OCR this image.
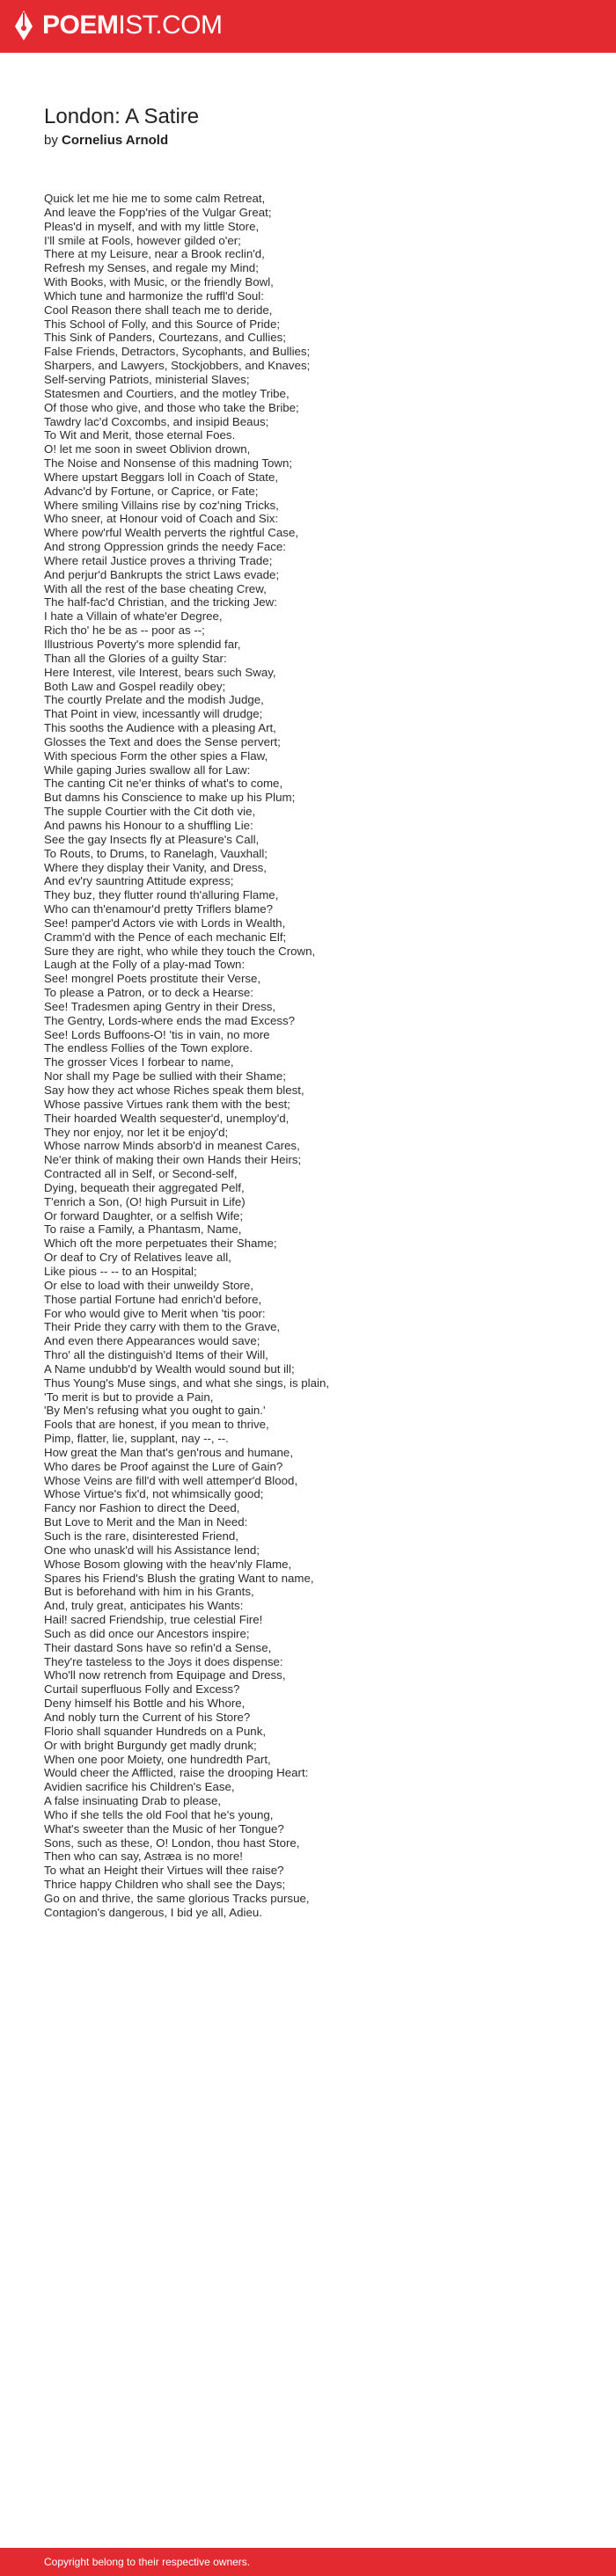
POEMIST.COM
London: A Satire
by Cornelius Arnold
Quick let me hie me to some calm Retreat,
And leave the Fopp'ries of the Vulgar Great;
Pleas'd in myself, and with my little Store,
I'll smile at Fools, however gilded o'er;
There at my Leisure, near a Brook reclin'd,
Refresh my Senses, and regale my Mind;
With Books, with Music, or the friendly Bowl,
Which tune and harmonize the ruffl'd Soul:
Cool Reason there shall teach me to deride,
This School of Folly, and this Source of Pride;
This Sink of Panders, Courtezans, and Cullies;
False Friends, Detractors, Sycophants, and Bullies;
Sharpers, and Lawyers, Stockjobbers, and Knaves;
Self-serving Patriots, ministerial Slaves;
Statesmen and Courtiers, and the motley Tribe,
Of those who give, and those who take the Bribe;
Tawdry lac'd Coxcombs, and insipid Beaus;
To Wit and Merit, those eternal Foes.
O! let me soon in sweet Oblivion drown,
The Noise and Nonsense of this madning Town;
Where upstart Beggars loll in Coach of State,
Advanc'd by Fortune, or Caprice, or Fate;
Where smiling Villains rise by coz'ning Tricks,
Who sneer, at Honour void of Coach and Six:
Where pow'rful Wealth perverts the rightful Case,
And strong Oppression grinds the needy Face:
Where retail Justice proves a thriving Trade;
And perjur'd Bankrupts the strict Laws evade;
With all the rest of the base cheating Crew,
The half-fac'd Christian, and the tricking Jew:
I hate a Villain of whate'er Degree,
Rich tho' he be as -- poor as --;
Illustrious Poverty's more splendid far,
Than all the Glories of a guilty Star:
Here Interest, vile Interest, bears such Sway,
Both Law and Gospel readily obey;
The courtly Prelate and the modish Judge,
That Point in view, incessantly will drudge;
This sooths the Audience with a pleasing Art,
Glosses the Text and does the Sense pervert;
With specious Form the other spies a Flaw,
While gaping Juries swallow all for Law:
The canting Cit ne'er thinks of what's to come,
But damns his Conscience to make up his Plum;
The supple Courtier with the Cit doth vie,
And pawns his Honour to a shuffling Lie:
See the gay Insects fly at Pleasure's Call,
To Routs, to Drums, to Ranelagh, Vauxhall;
Where they display their Vanity, and Dress,
And ev'ry sauntring Attitude express;
They buz, they flutter round th'alluring Flame,
Who can th'enamour'd pretty Triflers blame?
See! pamper'd Actors vie with Lords in Wealth,
Cramm'd with the Pence of each mechanic Elf;
Sure they are right, who while they touch the Crown,
Laugh at the Folly of a play-mad Town:
See! mongrel Poets prostitute their Verse,
To please a Patron, or to deck a Hearse:
See! Tradesmen aping Gentry in their Dress,
The Gentry, Lords-where ends the mad Excess?
See! Lords Buffoons-O! 'tis in vain, no more
The endless Follies of the Town explore.
The grosser Vices I forbear to name,
Nor shall my Page be sullied with their Shame;
Say how they act whose Riches speak them blest,
Whose passive Virtues rank them with the best;
Their hoarded Wealth sequester'd, unemploy'd,
They nor enjoy, nor let it be enjoy'd;
Whose narrow Minds absorb'd in meanest Cares,
Ne'er think of making their own Hands their Heirs;
Contracted all in Self, or Second-self,
Dying, bequeath their aggregated Pelf,
T'enrich a Son, (O! high Pursuit in Life)
Or forward Daughter, or a selfish Wife;
To raise a Family, a Phantasm, Name,
Which oft the more perpetuates their Shame;
Or deaf to Cry of Relatives leave all,
Like pious -- -- to an Hospital;
Or else to load with their unweildy Store,
Those partial Fortune had enrich'd before,
For who would give to Merit when 'tis poor:
Their Pride they carry with them to the Grave,
And even there Appearances would save;
Thro' all the distinguish'd Items of their Will,
A Name undubb'd by Wealth would sound but ill;
Thus Young's Muse sings, and what she sings, is plain,
'To merit is but to provide a Pain,
'By Men's refusing what you ought to gain.'
Fools that are honest, if you mean to thrive,
Pimp, flatter, lie, supplant, nay --, --.
How great the Man that's gen'rous and humane,
Who dares be Proof against the Lure of Gain?
Whose Veins are fill'd with well attemper'd Blood,
Whose Virtue's fix'd, not whimsically good;
Fancy nor Fashion to direct the Deed,
But Love to Merit and the Man in Need:
Such is the rare, disinterested Friend,
One who unask'd will his Assistance lend;
Whose Bosom glowing with the heav'nly Flame,
Spares his Friend's Blush the grating Want to name,
But is beforehand with him in his Grants,
And, truly great, anticipates his Wants:
Hail! sacred Friendship, true celestial Fire!
Such as did once our Ancestors inspire;
Their dastard Sons have so refin'd a Sense,
They're tasteless to the Joys it does dispense:
Who'll now retrench from Equipage and Dress,
Curtail superfluous Folly and Excess?
Deny himself his Bottle and his Whore,
And nobly turn the Current of his Store?
Florio shall squander Hundreds on a Punk,
Or with bright Burgundy get madly drunk;
When one poor Moiety, one hundredth Part,
Would cheer the Afflicted, raise the drooping Heart:
Avidien sacrifice his Children's Ease,
A false insinuating Drab to please,
Who if she tells the old Fool that he's young,
What's sweeter than the Music of her Tongue?
Sons, such as these, O! London, thou hast Store,
Then who can say, Astræa is no more!
To what an Height their Virtues will thee raise?
Thrice happy Children who shall see the Days;
Go on and thrive, the same glorious Tracks pursue,
Contagion's dangerous, I bid ye all, Adieu.
Copyright belong to their respective owners.
